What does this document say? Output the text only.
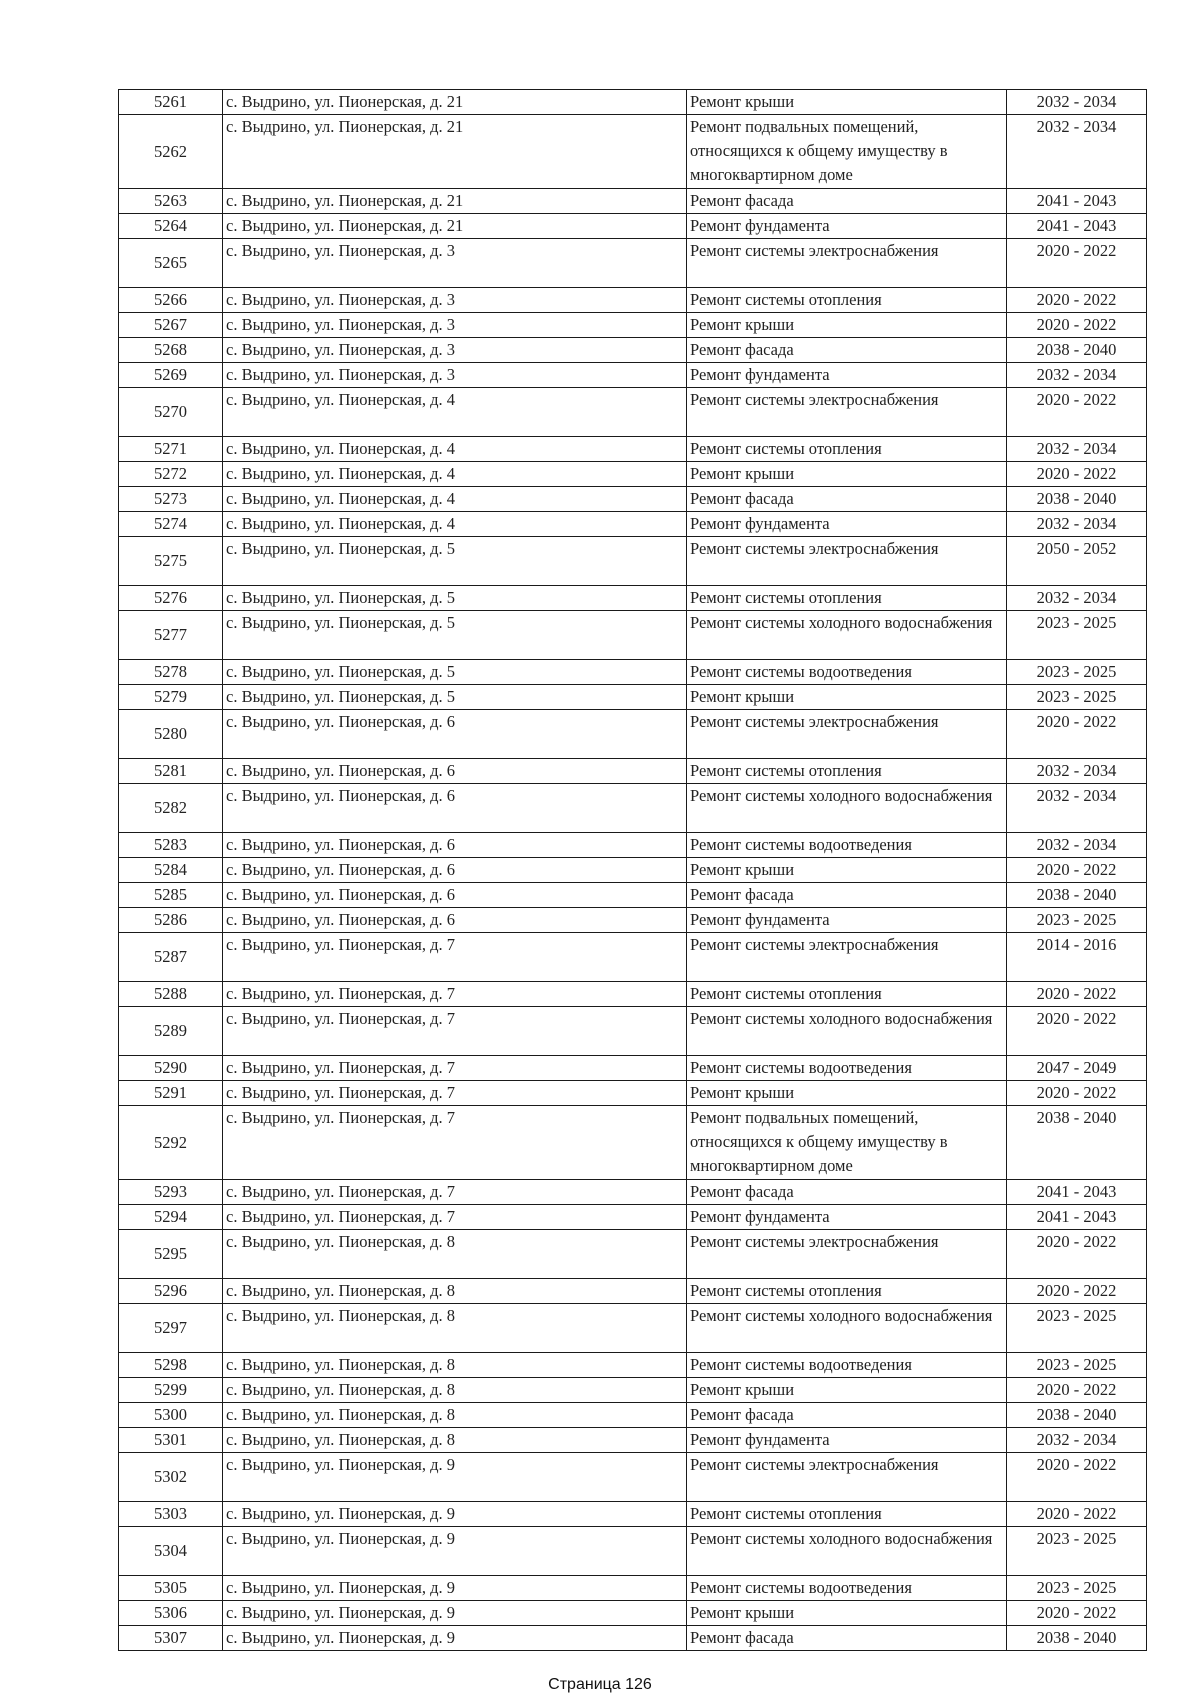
5261	с. Выдрино, ул. Пионерская, д. 21	Ремонт крыши	2032 - 2034
5262	с. Выдрино, ул. Пионерская, д. 21	Ремонт подвальных помещений, относящихся к общему имуществу в многоквартирном доме	2032 - 2034
5263	с. Выдрино, ул. Пионерская, д. 21	Ремонт фасада	2041 - 2043
5264	с. Выдрино, ул. Пионерская, д. 21	Ремонт фундамента	2041 - 2043
5265	с. Выдрино, ул. Пионерская, д. 3	Ремонт системы электроснабжения	2020 - 2022
5266	с. Выдрино, ул. Пионерская, д. 3	Ремонт системы отопления	2020 - 2022
5267	с. Выдрино, ул. Пионерская, д. 3	Ремонт крыши	2020 - 2022
5268	с. Выдрино, ул. Пионерская, д. 3	Ремонт фасада	2038 - 2040
5269	с. Выдрино, ул. Пионерская, д. 3	Ремонт фундамента	2032 - 2034
5270	с. Выдрино, ул. Пионерская, д. 4	Ремонт системы электроснабжения	2020 - 2022
5271	с. Выдрино, ул. Пионерская, д. 4	Ремонт системы отопления	2032 - 2034
5272	с. Выдрино, ул. Пионерская, д. 4	Ремонт крыши	2020 - 2022
5273	с. Выдрино, ул. Пионерская, д. 4	Ремонт фасада	2038 - 2040
5274	с. Выдрино, ул. Пионерская, д. 4	Ремонт фундамента	2032 - 2034
5275	с. Выдрино, ул. Пионерская, д. 5	Ремонт системы электроснабжения	2050 - 2052
5276	с. Выдрино, ул. Пионерская, д. 5	Ремонт системы отопления	2032 - 2034
5277	с. Выдрино, ул. Пионерская, д. 5	Ремонт системы холодного водоснабжения	2023 - 2025
5278	с. Выдрино, ул. Пионерская, д. 5	Ремонт системы водоотведения	2023 - 2025
5279	с. Выдрино, ул. Пионерская, д. 5	Ремонт крыши	2023 - 2025
5280	с. Выдрино, ул. Пионерская, д. 6	Ремонт системы электроснабжения	2020 - 2022
5281	с. Выдрино, ул. Пионерская, д. 6	Ремонт системы отопления	2032 - 2034
5282	с. Выдрино, ул. Пионерская, д. 6	Ремонт системы холодного водоснабжения	2032 - 2034
5283	с. Выдрино, ул. Пионерская, д. 6	Ремонт системы водоотведения	2032 - 2034
5284	с. Выдрино, ул. Пионерская, д. 6	Ремонт крыши	2020 - 2022
5285	с. Выдрино, ул. Пионерская, д. 6	Ремонт фасада	2038 - 2040
5286	с. Выдрино, ул. Пионерская, д. 6	Ремонт фундамента	2023 - 2025
5287	с. Выдрино, ул. Пионерская, д. 7	Ремонт системы электроснабжения	2014 - 2016
5288	с. Выдрино, ул. Пионерская, д. 7	Ремонт системы отопления	2020 - 2022
5289	с. Выдрино, ул. Пионерская, д. 7	Ремонт системы холодного водоснабжения	2020 - 2022
5290	с. Выдрино, ул. Пионерская, д. 7	Ремонт системы водоотведения	2047 - 2049
5291	с. Выдрино, ул. Пионерская, д. 7	Ремонт крыши	2020 - 2022
5292	с. Выдрино, ул. Пионерская, д. 7	Ремонт подвальных помещений, относящихся к общему имуществу в многоквартирном доме	2038 - 2040
5293	с. Выдрино, ул. Пионерская, д. 7	Ремонт фасада	2041 - 2043
5294	с. Выдрино, ул. Пионерская, д. 7	Ремонт фундамента	2041 - 2043
5295	с. Выдрино, ул. Пионерская, д. 8	Ремонт системы электроснабжения	2020 - 2022
5296	с. Выдрино, ул. Пионерская, д. 8	Ремонт системы отопления	2020 - 2022
5297	с. Выдрино, ул. Пионерская, д. 8	Ремонт системы холодного водоснабжения	2023 - 2025
5298	с. Выдрино, ул. Пионерская, д. 8	Ремонт системы водоотведения	2023 - 2025
5299	с. Выдрино, ул. Пионерская, д. 8	Ремонт крыши	2020 - 2022
5300	с. Выдрино, ул. Пионерская, д. 8	Ремонт фасада	2038 - 2040
5301	с. Выдрино, ул. Пионерская, д. 8	Ремонт фундамента	2032 - 2034
5302	с. Выдрино, ул. Пионерская, д. 9	Ремонт системы электроснабжения	2020 - 2022
5303	с. Выдрино, ул. Пионерская, д. 9	Ремонт системы отопления	2020 - 2022
5304	с. Выдрино, ул. Пионерская, д. 9	Ремонт системы холодного водоснабжения	2023 - 2025
5305	с. Выдрино, ул. Пионерская, д. 9	Ремонт системы водоотведения	2023 - 2025
5306	с. Выдрино, ул. Пионерская, д. 9	Ремонт крыши	2020 - 2022
5307	с. Выдрино, ул. Пионерская, д. 9	Ремонт фасада	2038 - 2040
Страница 126
